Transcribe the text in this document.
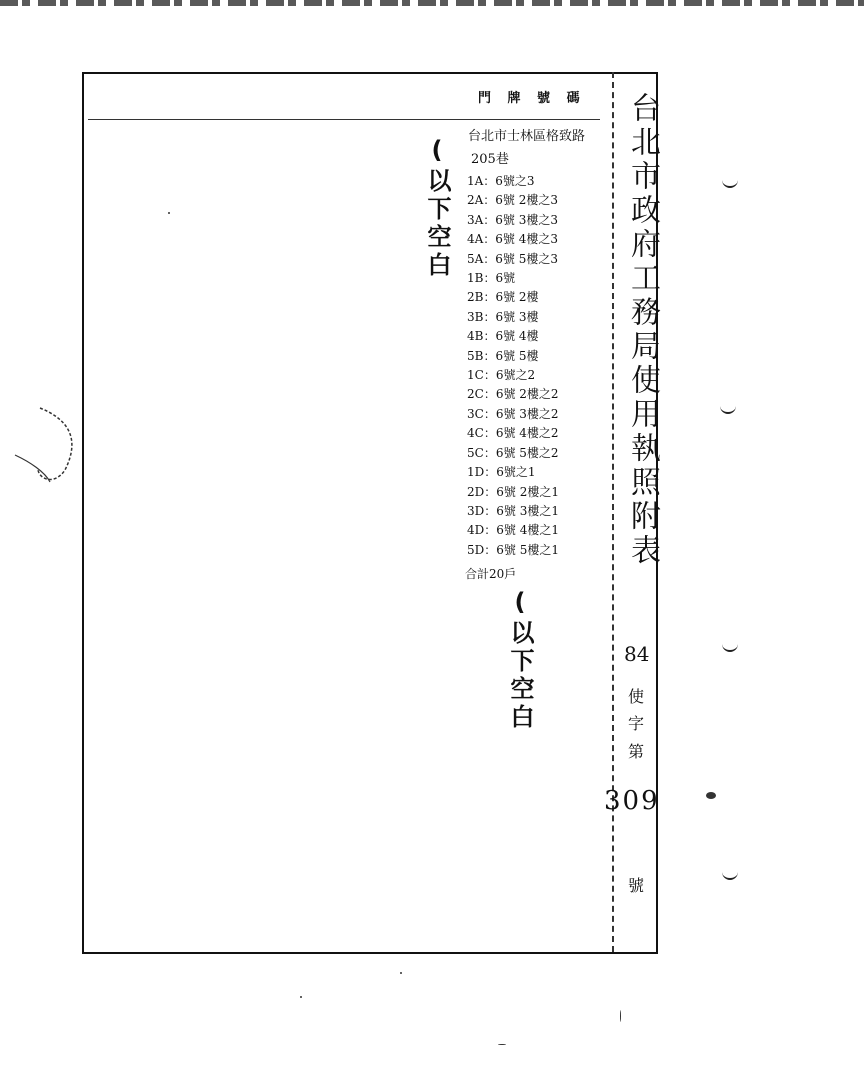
門 牌 號 碼
台北市士林區格致路
205巷
1A：6號之3
2A：6號 2樓之3
3A：6號 3樓之3
4A：6號 4樓之3
5A：6號 5樓之3
1B：6號
2B：6號 2樓
3B：6號 3樓
4B：6號 4樓
5B：6號 5樓
1C：6號之2
2C：6號 2樓之2
3C：6號 3樓之2
4C：6號 4樓之2
5C：6號 5樓之2
1D：6號之1
2D：6號 2樓之1
3D：6號 3樓之1
4D：6號 4樓之1
5D：6號 5樓之1
合計20戶
(以下空白
(以下空白
台北市政府工務局使用執照附表
84
使
字
第
309
號
